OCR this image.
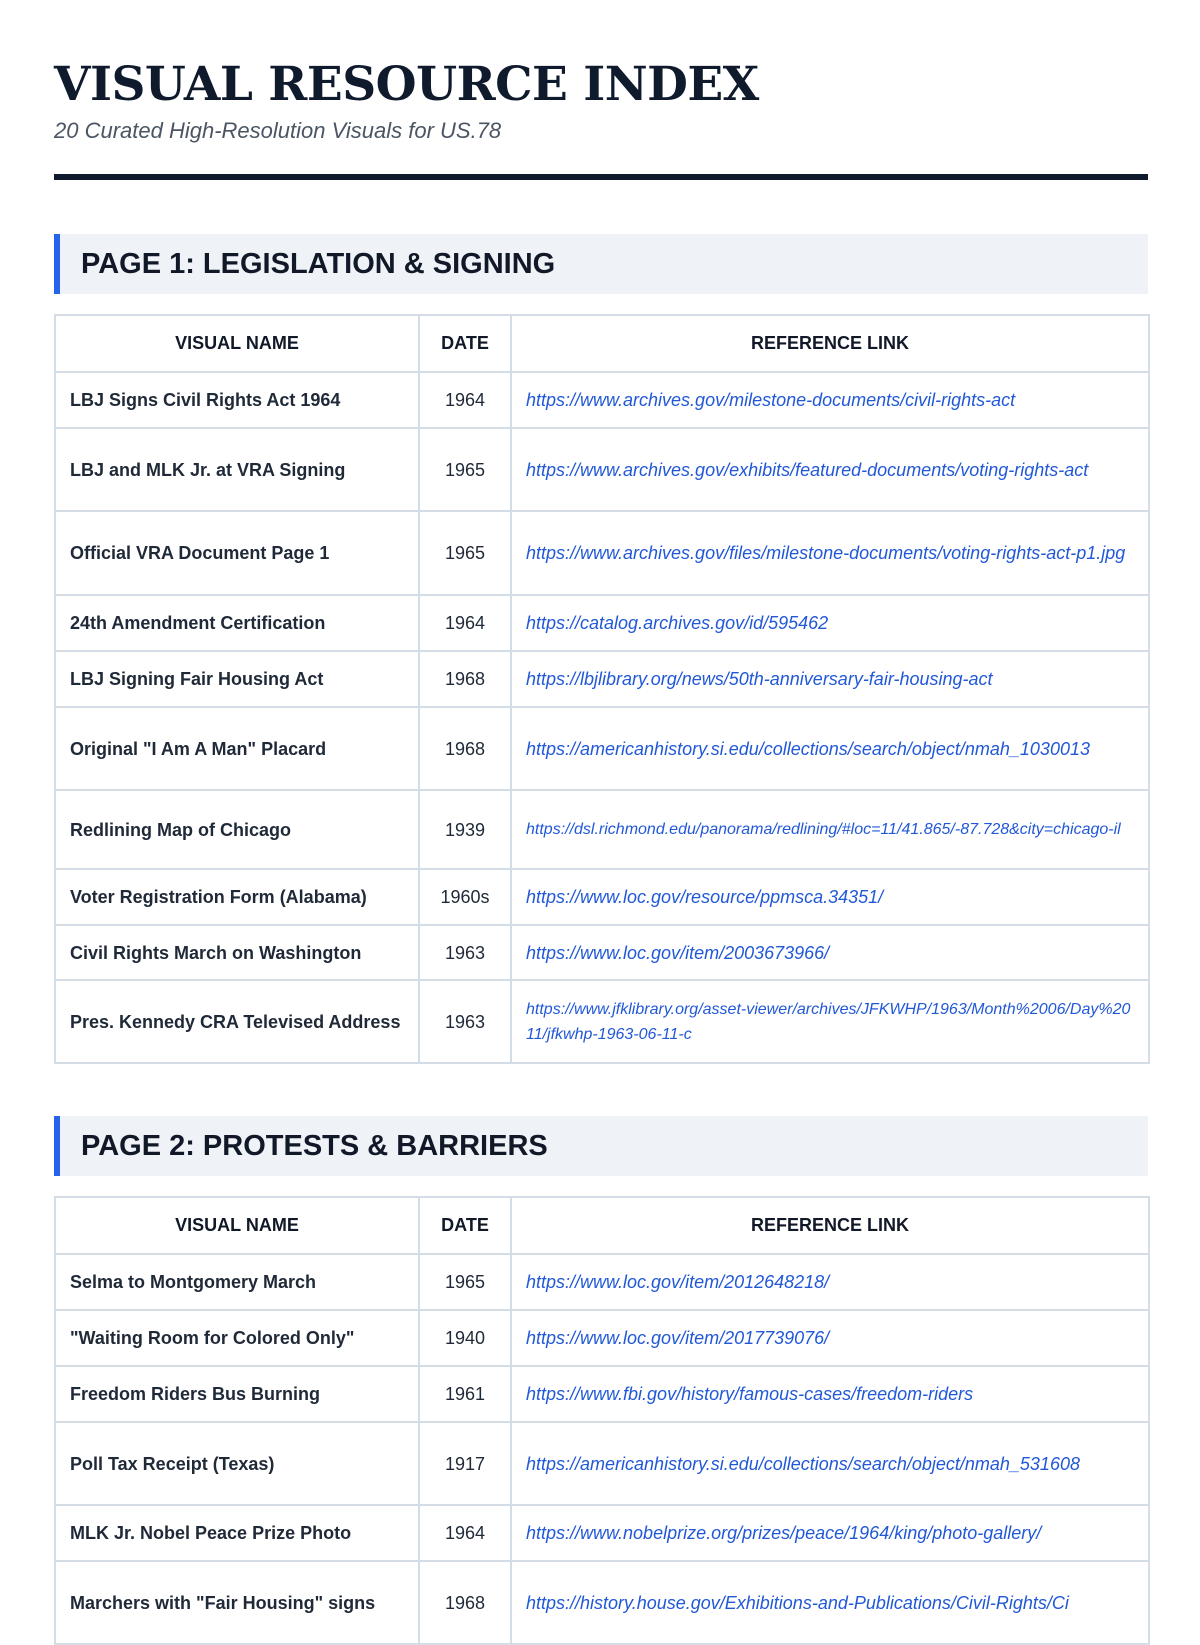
VISUAL RESOURCE INDEX
20 Curated High-Resolution Visuals for US.78
PAGE 1: LEGISLATION & SIGNING
VISUAL NAME	DATE	REFERENCE LINK
LBJ Signs Civil Rights Act 1964	1964	https://www.archives.gov/milestone-documents/civil-rights-act
LBJ and MLK Jr. at VRA Signing	1965	https://www.archives.gov/exhibits/featured-documents/voting-rights-act
Official VRA Document Page 1	1965	https://www.archives.gov/files/milestone-documents/voting-rights-act-p1.jpg
24th Amendment Certification	1964	https://catalog.archives.gov/id/595462
LBJ Signing Fair Housing Act	1968	https://lbjlibrary.org/news/50th-anniversary-fair-housing-act
Original "I Am A Man" Placard	1968	https://americanhistory.si.edu/collections/search/object/nmah_1030013
Redlining Map of Chicago	1939	https://dsl.richmond.edu/panorama/redlining/#loc=11/41.865/-87.728&city=chicago-il
Voter Registration Form (Alabama)	1960s	https://www.loc.gov/resource/ppmsca.34351/
Civil Rights March on Washington	1963	https://www.loc.gov/item/2003673966/
Pres. Kennedy CRA Televised Address	1963	https://www.jfklibrary.org/asset-viewer/archives/JFKWHP/1963/Month%2006/Day%2011/jfkwhp-1963-06-11-c
PAGE 2: PROTESTS & BARRIERS
VISUAL NAME	DATE	REFERENCE LINK
Selma to Montgomery March	1965	https://www.loc.gov/item/2012648218/
"Waiting Room for Colored Only"	1940	https://www.loc.gov/item/2017739076/
Freedom Riders Bus Burning	1961	https://www.fbi.gov/history/famous-cases/freedom-riders
Poll Tax Receipt (Texas)	1917	https://americanhistory.si.edu/collections/search/object/nmah_531608
MLK Jr. Nobel Peace Prize Photo	1964	https://www.nobelprize.org/prizes/peace/1964/king/photo-gallery/
Marchers with "Fair Housing" signs	1968	https://history.house.gov/Exhibitions-and-Publications/Civil-Rights/Ci
